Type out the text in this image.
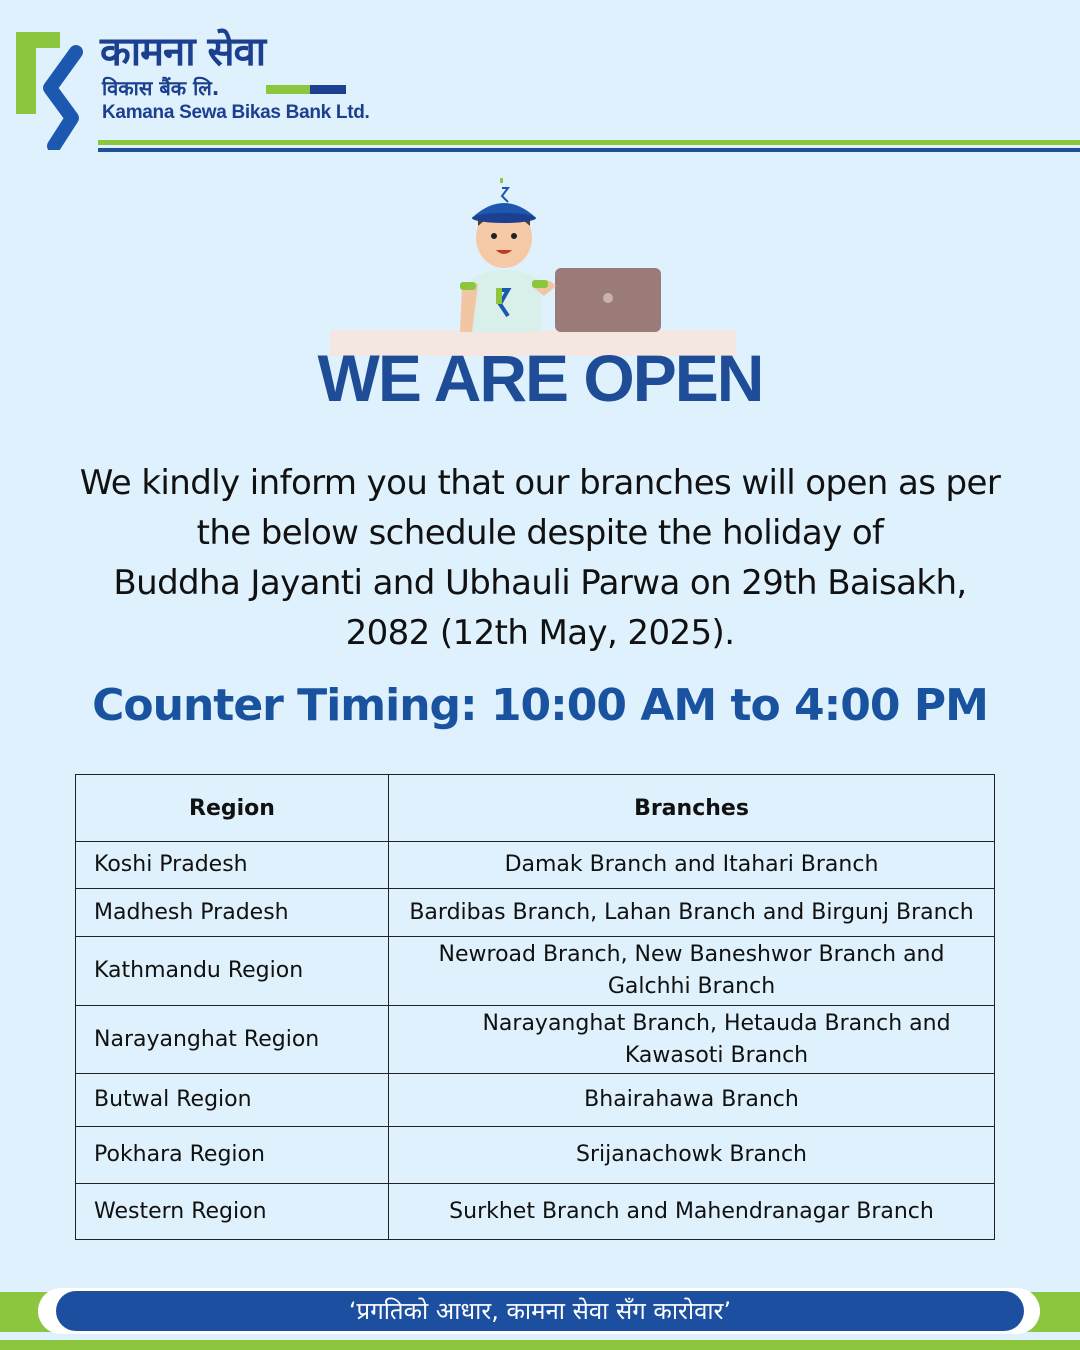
कामना सेवा
विकास बैंक लि.
Kamana Sewa Bikas Bank Ltd.
WE ARE OPEN
We kindly inform you that our branches will open as per
the below schedule despite the holiday of
Buddha Jayanti and Ubhauli Parwa on 29th Baisakh,
2082 (12th May, 2025).
Counter Timing: 10:00 AM to 4:00 PM
Region	Branches
Koshi Pradesh	Damak Branch and Itahari Branch
Madhesh Pradesh	Bardibas Branch, Lahan Branch and Birgunj Branch
Kathmandu Region	Newroad Branch, New Baneshwor Branch and Galchhi Branch
Narayanghat Region	Narayanghat Branch, Hetauda Branch and Kawasoti Branch
Butwal Region	Bhairahawa Branch
Pokhara Region	Srijanachowk Branch
Western Region	Surkhet Branch and Mahendranagar Branch
‘प्रगतिको आधार, कामना सेवा सँग कारोवार’
